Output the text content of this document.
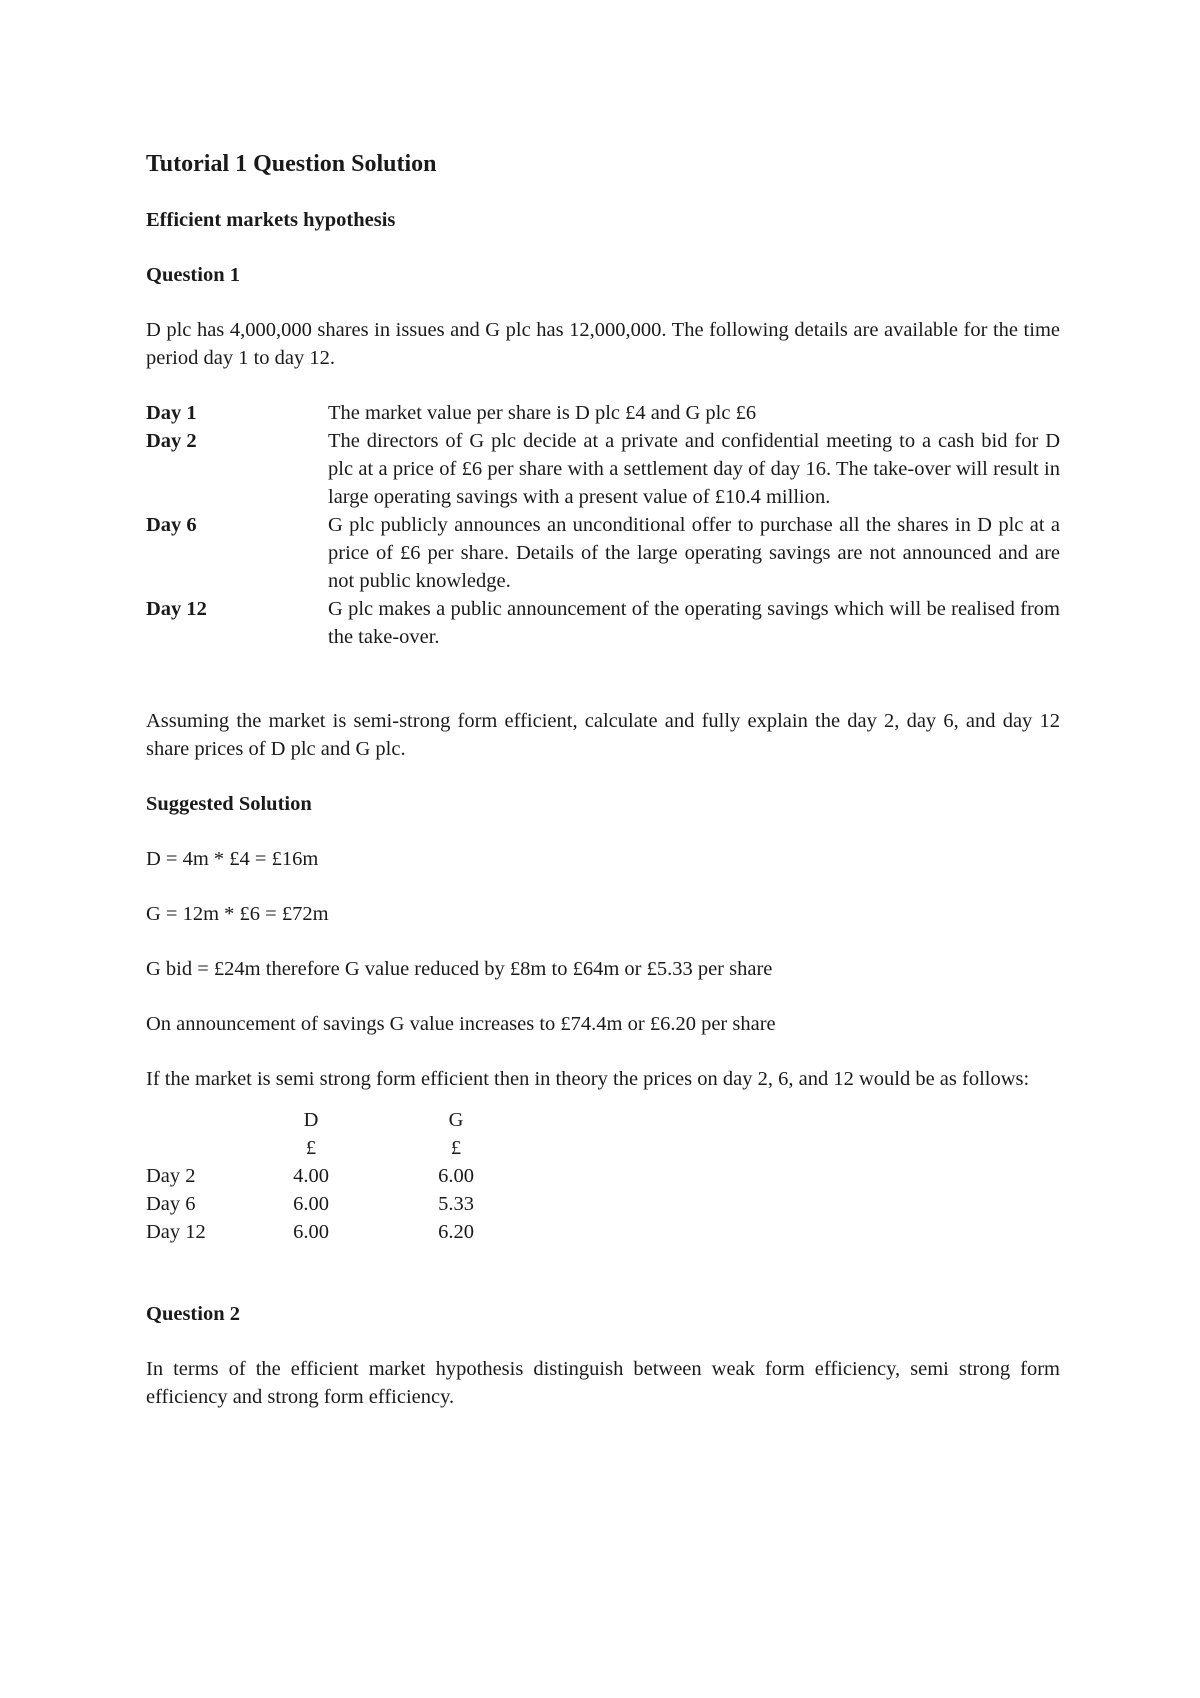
Tutorial 1 Question Solution
Efficient markets hypothesis
Question 1

D plc has 4,000,000 shares in issues and G plc has 12,000,000. The following details are available for the time period day 1 to day 12.

Day 1	The market value per share is D plc £4 and G plc £6
Day 2	The directors of G plc decide at a private and confidential meeting to a cash bid for D plc at a price of £6 per share with a settlement day of day 16. The take-over will result in large operating savings with a present value of £10.4 million.
Day 6	G plc publicly announces an unconditional offer to purchase all the shares in D plc at a price of £6 per share. Details of the large operating savings are not announced and are not public knowledge.
Day 12	G plc makes a public announcement of the operating savings which will be realised from the take-over.

Assuming the market is semi-strong form efficient, calculate and fully explain the day 2, day 6, and day 12 share prices of D plc and G plc.

Suggested Solution

D = 4m * £4 = £16m

G = 12m * £6 = £72m

G bid = £24m therefore G value reduced by £8m to £64m or £5.33 per share

On announcement of savings G value increases to £74.4m or £6.20 per share

If the market is semi strong form efficient then in theory the prices on day 2, 6, and 12 would be as follows:

	D	G
	£	£
Day 2	4.00	6.00
Day 6	6.00	5.33
Day 12	6.00	6.20
Question 2

In terms of the efficient market hypothesis distinguish between weak form efficiency, semi strong form efficiency and strong form efficiency.
